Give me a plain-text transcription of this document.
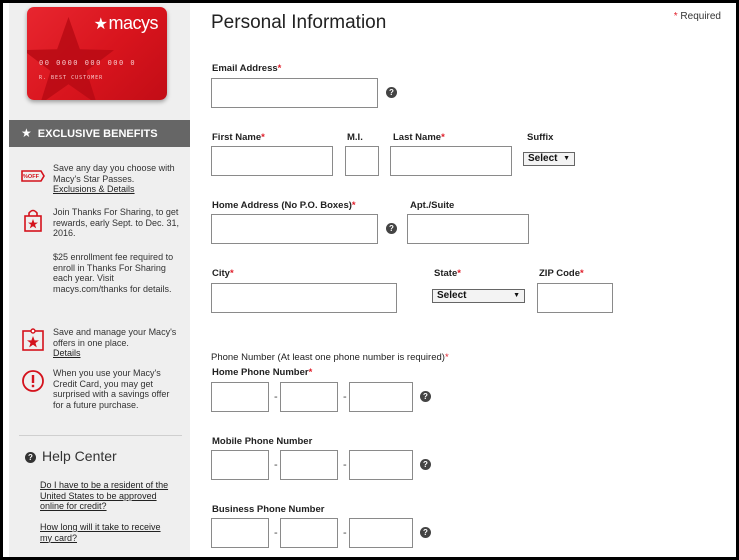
★macys
00 0000 000 000 0
R. BEST CUSTOMER
★ EXCLUSIVE BENEFITS
%OFF
Save any day you choose with Macy's Star Passes.
Exclusions & Details
Join Thanks For Sharing, to get rewards, early Sept. to Dec. 31, 2016.
$25 enrollment fee required to enroll in Thanks For Sharing each year. Visit macys.com/thanks for details.
Save and manage your Macy's offers in one place.
Details
When you use your Macy's Credit Card, you may get surprised with a savings offer for a future purchase.
? Help Center
Do I have to be a resident of the United States to be approved online for credit?
How long will it take to receive my card?
Personal Information	* Required
Email Address*
?
First Name*	M.I.	Last Name*	Suffix
Select ▼
Home Address (No P.O. Boxes)*	Apt./Suite
?
City*	State*	ZIP Code*
Select	▼
Phone Number (At least one phone number is required)*
Home Phone Number*
-	-	?
Mobile Phone Number
-	-	?
Business Phone Number
-	-	?
